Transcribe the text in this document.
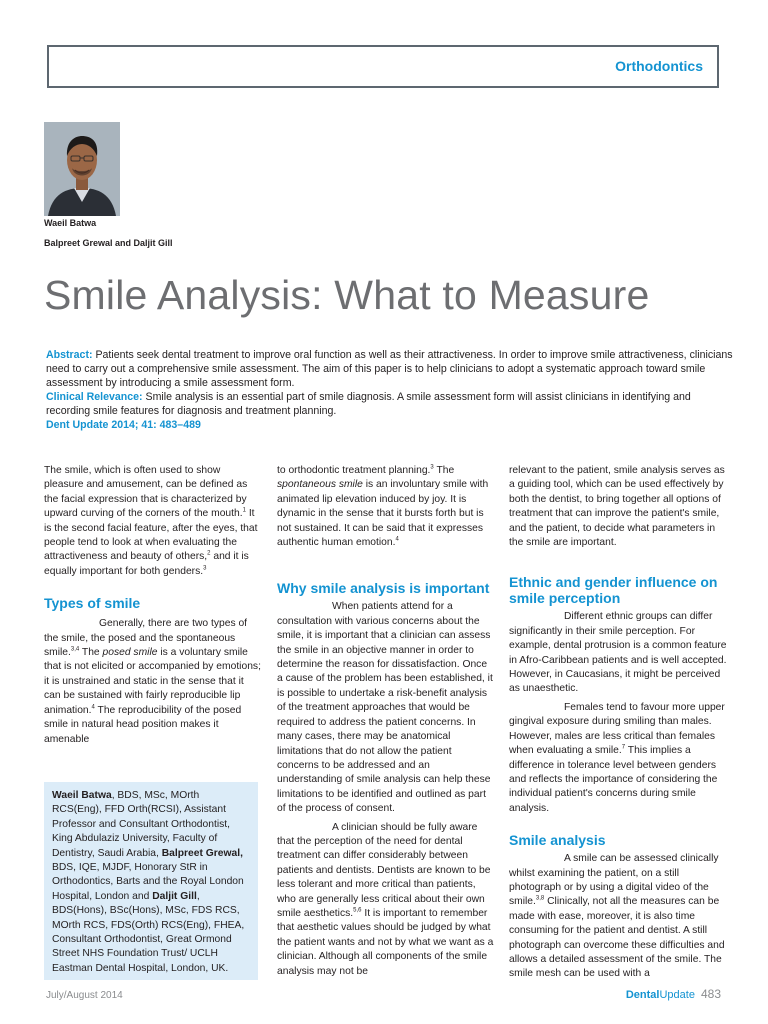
Orthodontics
Waeil Batwa
Balpreet Grewal and Daljit Gill
Smile Analysis: What to Measure

Abstract: Patients seek dental treatment to improve oral function as well as their attractiveness. In order to improve smile attractiveness, clinicians need to carry out a comprehensive smile assessment. The aim of this paper is to help clinicians to adopt a systematic approach toward smile assessment by introducing a smile assessment form.

Clinical Relevance: Smile analysis is an essential part of smile diagnosis. A smile assessment form will assist clinicians in identifying and recording smile features for diagnosis and treatment planning.

Dent Update 2014; 41: 483–489

The smile, which is often used to show pleasure and amusement, can be defined as the facial expression that is characterized by upward curving of the corners of the mouth.$^1$ It is the second facial feature, after the eyes, that people tend to look at when evaluating the attractiveness and beauty of others,$^2$ and it is equally important for both genders.$^3$

Types of smile

Generally, there are two types of the smile, the posed and the spontaneous smile.$^{3,4}$ The posed smile is a voluntary smile that is not elicited or accompanied by emotions; it is unstrained and static in the sense that it can be sustained with fairly reproducible lip animation.$^4$ The reproducibility of the posed smile in natural head position makes it amenable

Waeil Batwa, BDS, MSc, MOrth RCS(Eng), FFD Orth(RCSI), Assistant Professor and Consultant Orthodontist, King Abdulaziz University, Faculty of Dentistry, Saudi Arabia, Balpreet Grewal, BDS, IQE, MJDF, Honorary StR in Orthodontics, Barts and the Royal London Hospital, London and Daljit Gill, BDS(Hons), BSc(Hons), MSc, FDS RCS, MOrth RCS, FDS(Orth) RCS(Eng), FHEA, Consultant Orthodontist, Great Ormond Street NHS Foundation Trust/ UCLH Eastman Dental Hospital, London, UK.

to orthodontic treatment planning.$^3$ The spontaneous smile is an involuntary smile with animated lip elevation induced by joy. It is dynamic in the sense that it bursts forth but is not sustained. It can be said that it expresses authentic human emotion.$^4$

Why smile analysis is important

When patients attend for a consultation with various concerns about the smile, it is important that a clinician can assess the smile in an objective manner in order to determine the reason for dissatisfaction. Once a cause of the problem has been established, it is possible to undertake a risk-benefit analysis of the treatment approaches that would be required to address the patient concerns. In many cases, there may be anatomical limitations that do not allow the patient concerns to be addressed and an understanding of smile analysis can help these limitations to be identified and outlined as part of the process of consent.

A clinician should be fully aware that the perception of the need for dental treatment can differ considerably between patients and dentists. Dentists are known to be less tolerant and more critical than patients, who are generally less critical about their own smile aesthetics.$^{5,6}$ It is important to remember that aesthetic values should be judged by what the patient wants and not by what we want as a clinician. Although all components of the smile analysis may not be

relevant to the patient, smile analysis serves as a guiding tool, which can be used effectively by both the dentist, to bring together all options of treatment that can improve the patient's smile, and the patient, to decide what parameters in the smile are important.

Ethnic and gender influence on smile perception

Different ethnic groups can differ significantly in their smile perception. For example, dental protrusion is a common feature in Afro-Caribbean patients and is well accepted. However, in Caucasians, it might be perceived as unaesthetic.

Females tend to favour more upper gingival exposure during smiling than males. However, males are less critical than females when evaluating a smile.$^7$ This implies a difference in tolerance level between genders and reflects the importance of considering the individual patient's concerns during smile analysis.

Smile analysis

A smile can be assessed clinically whilst examining the patient, on a still photograph or by using a digital video of the smile.$^{3,8}$ Clinically, not all the measures can be made with ease, moreover, it is also time consuming for the patient and dentist. A still photograph can overcome these difficulties and allows a detailed assessment of the smile. The smile mesh can be used with a

July/August 2014	DentalUpdate 483
